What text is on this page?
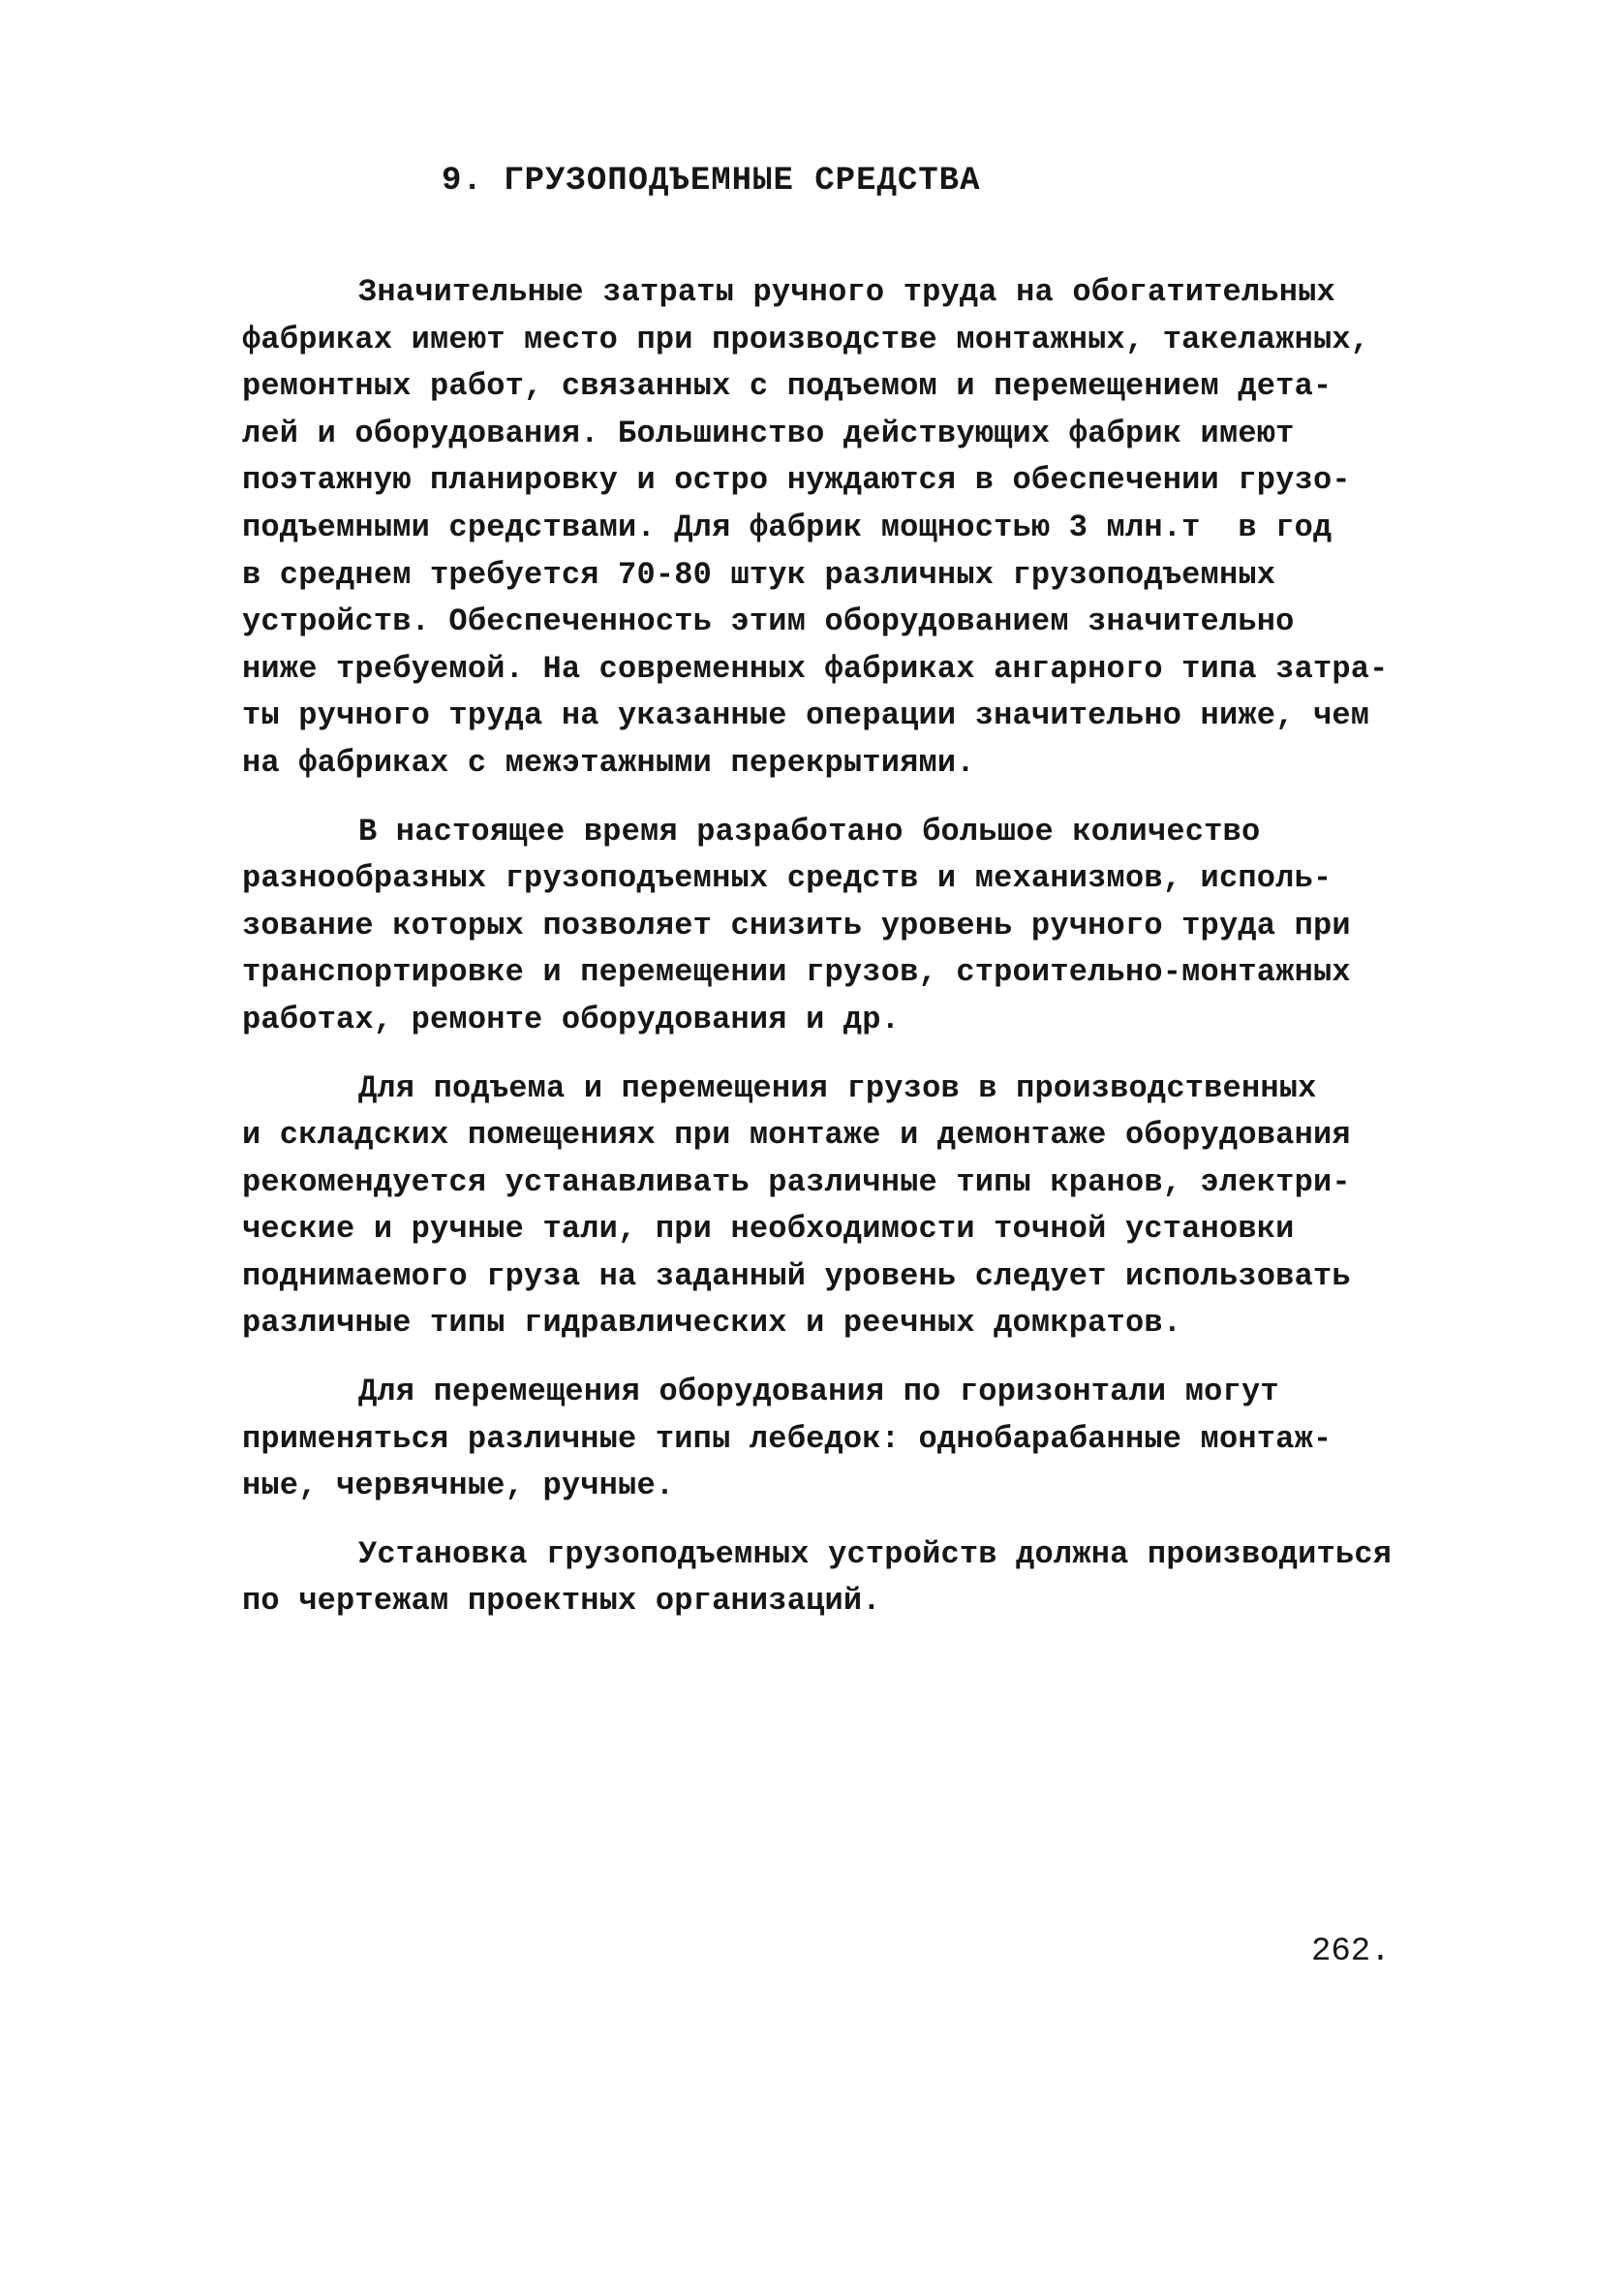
9. ГРУЗОПОДЪЕМНЫЕ СРЕДСТВА
Значительные затраты ручного труда на обогатительных
фабриках имеют место при производстве монтажных, такелажных,
ремонтных работ, связанных с подъемом и перемещением дета-
лей и оборудования. Большинство действующих фабрик имеют
поэтажную планировку и остро нуждаются в обеспечении грузо-
подъемными средствами. Для фабрик мощностью 3 млн.т  в год
в среднем требуется 70-80 штук различных грузоподъемных
устройств. Обеспеченность этим оборудованием значительно
ниже требуемой. На современных фабриках ангарного типа затра-
ты ручного труда на указанные операции значительно ниже, чем
на фабриках с межэтажными перекрытиями.
В настоящее время разработано большое количество
разнообразных грузоподъемных средств и механизмов, исполь-
зование которых позволяет снизить уровень ручного труда при
транспортировке и перемещении грузов, строительно-монтажных
работах, ремонте оборудования и др.
Для подъема и перемещения грузов в производственных
и складских помещениях при монтаже и демонтаже оборудования
рекомендуется устанавливать различные типы кранов, электри-
ческие и ручные тали, при необходимости точной установки
поднимаемого груза на заданный уровень следует использовать
различные типы гидравлических и реечных домкратов.
Для перемещения оборудования по горизонтали могут
применяться различные типы лебедок: однобарабанные монтаж-
ные, червячные, ручные.
Установка грузоподъемных устройств должна производиться
по чертежам проектных организаций.
262.
